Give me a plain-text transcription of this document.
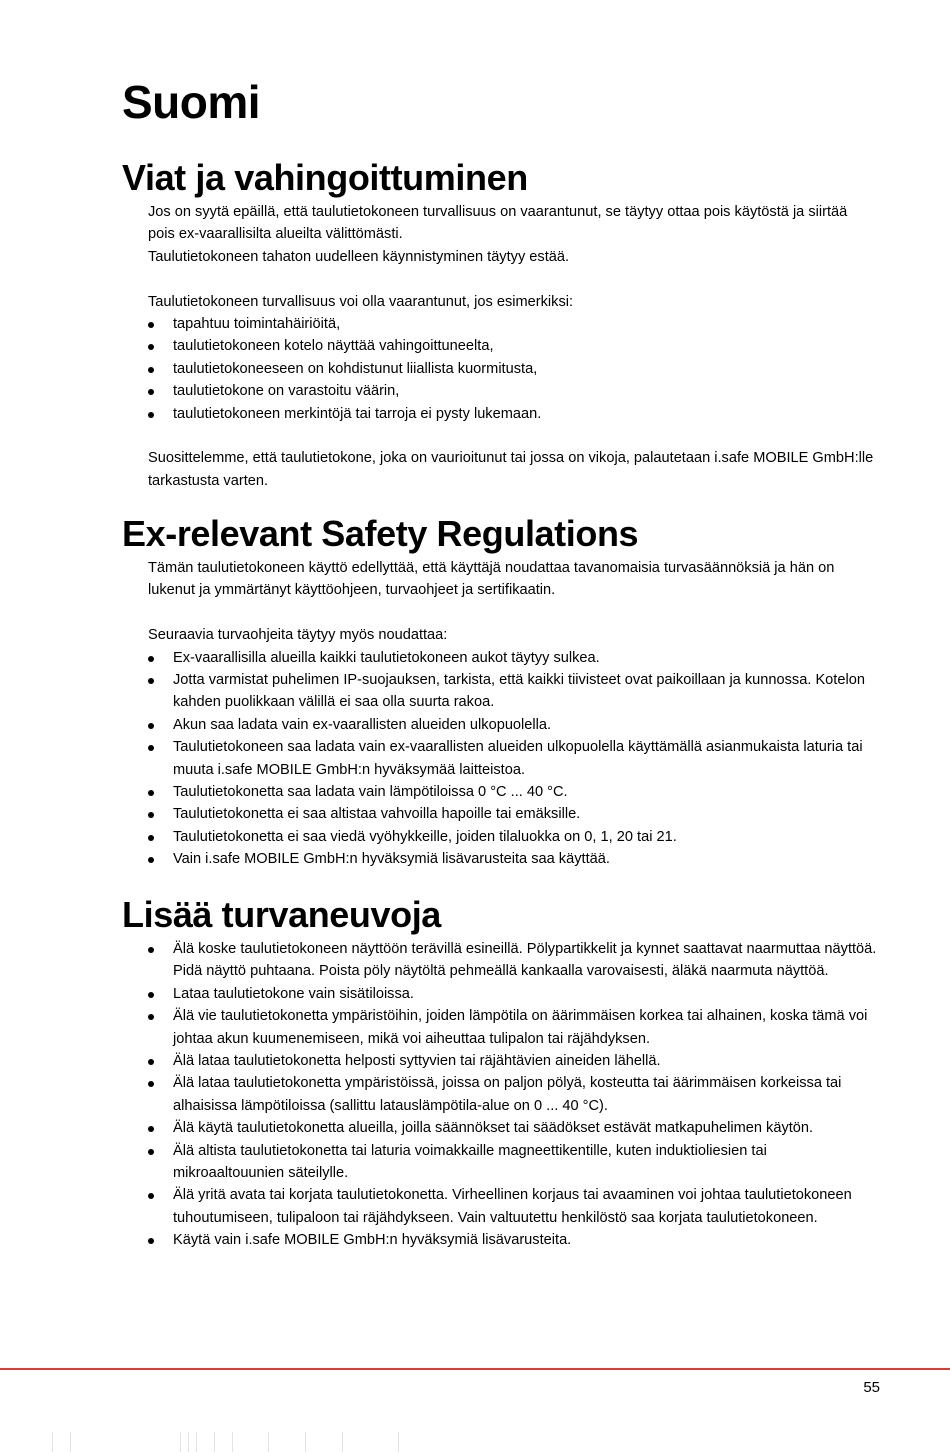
Suomi
Viat ja vahingoittuminen

Jos on syytä epäillä, että taulutietokoneen turvallisuus on vaarantunut, se täytyy ottaa pois käytöstä ja siirtää pois ex-vaarallisilta alueilta välittömästi.

Taulutietokoneen tahaton uudelleen käynnistyminen täytyy estää.

Taulutietokoneen turvallisuus voi olla vaarantunut, jos esimerkiksi:

tapahtuu toimintahäiriöitä,
taulutietokoneen kotelo näyttää vahingoittuneelta,
taulutietokoneeseen on kohdistunut liiallista kuormitusta,
taulutietokone on varastoitu väärin,
taulutietokoneen merkintöjä tai tarroja ei pysty lukemaan.

Suosittelemme, että taulutietokone, joka on vaurioitunut tai jossa on vikoja, palautetaan i.safe MOBILE GmbH:lle tarkastusta varten.

Ex-relevant Safety Regulations

Tämän taulutietokoneen käyttö edellyttää, että käyttäjä noudattaa tavanomaisia turvasäännöksiä ja hän on lukenut ja ymmärtänyt käyttöohjeen, turvaohjeet ja sertifikaatin.

Seuraavia turvaohjeita täytyy myös noudattaa:

Ex-vaarallisilla alueilla kaikki taulutietokoneen aukot täytyy sulkea.
Jotta varmistat puhelimen IP-suojauksen, tarkista, että kaikki tiivisteet ovat paikoillaan ja kunnossa. Kotelon kahden puolikkaan välillä ei saa olla suurta rakoa.
Akun saa ladata vain ex-vaarallisten alueiden ulkopuolella.
Taulutietokoneen saa ladata vain ex-vaarallisten alueiden ulkopuolella käyttämällä asianmukaista laturia tai muuta i.safe MOBILE GmbH:n hyväksymää laitteistoa.
Taulutietokonetta saa ladata vain lämpötiloissa 0 °C ... 40 °C.
Taulutietokonetta ei saa altistaa vahvoilla hapoille tai emäksille.
Taulutietokonetta ei saa viedä vyöhykkeille, joiden tilaluokka on 0, 1, 20 tai 21.
Vain i.safe MOBILE GmbH:n hyväksymiä lisävarusteita saa käyttää.
Lisää turvaneuvoja
Älä koske taulutietokoneen näyttöön terävillä esineillä. Pölypartikkelit ja kynnet saattavat naarmuttaa näyttöä. Pidä näyttö puhtaana. Poista pöly näytöltä pehmeällä kankaalla varovaisesti, äläkä naarmuta näyttöä.
Lataa taulutietokone vain sisätiloissa.
Älä vie taulutietokonetta ympäristöihin, joiden lämpötila on äärimmäisen korkea tai alhainen, koska tämä voi johtaa akun kuumenemiseen, mikä voi aiheuttaa tulipalon tai räjähdyksen.
Älä lataa taulutietokonetta helposti syttyvien tai räjähtävien aineiden lähellä.
Älä lataa taulutietokonetta ympäristöissä, joissa on paljon pölyä, kosteutta tai äärimmäisen korkeissa tai alhaisissa lämpötiloissa (sallittu latauslämpötila-alue on 0 ... 40 °C).
Älä käytä taulutietokonetta alueilla, joilla säännökset tai säädökset estävät matkapuhelimen käytön.
Älä altista taulutietokonetta tai laturia voimakkaille magneettikentille, kuten induktioliesien tai mikroaaltouunien säteilylle.
Älä yritä avata tai korjata taulutietokonetta. Virheellinen korjaus tai avaaminen voi johtaa taulutietokoneen tuhoutumiseen, tulipaloon tai räjähdykseen. Vain valtuutettu henkilöstö saa korjata taulutietokoneen.
Käytä vain i.safe MOBILE GmbH:n hyväksymiä lisävarusteita.
55
